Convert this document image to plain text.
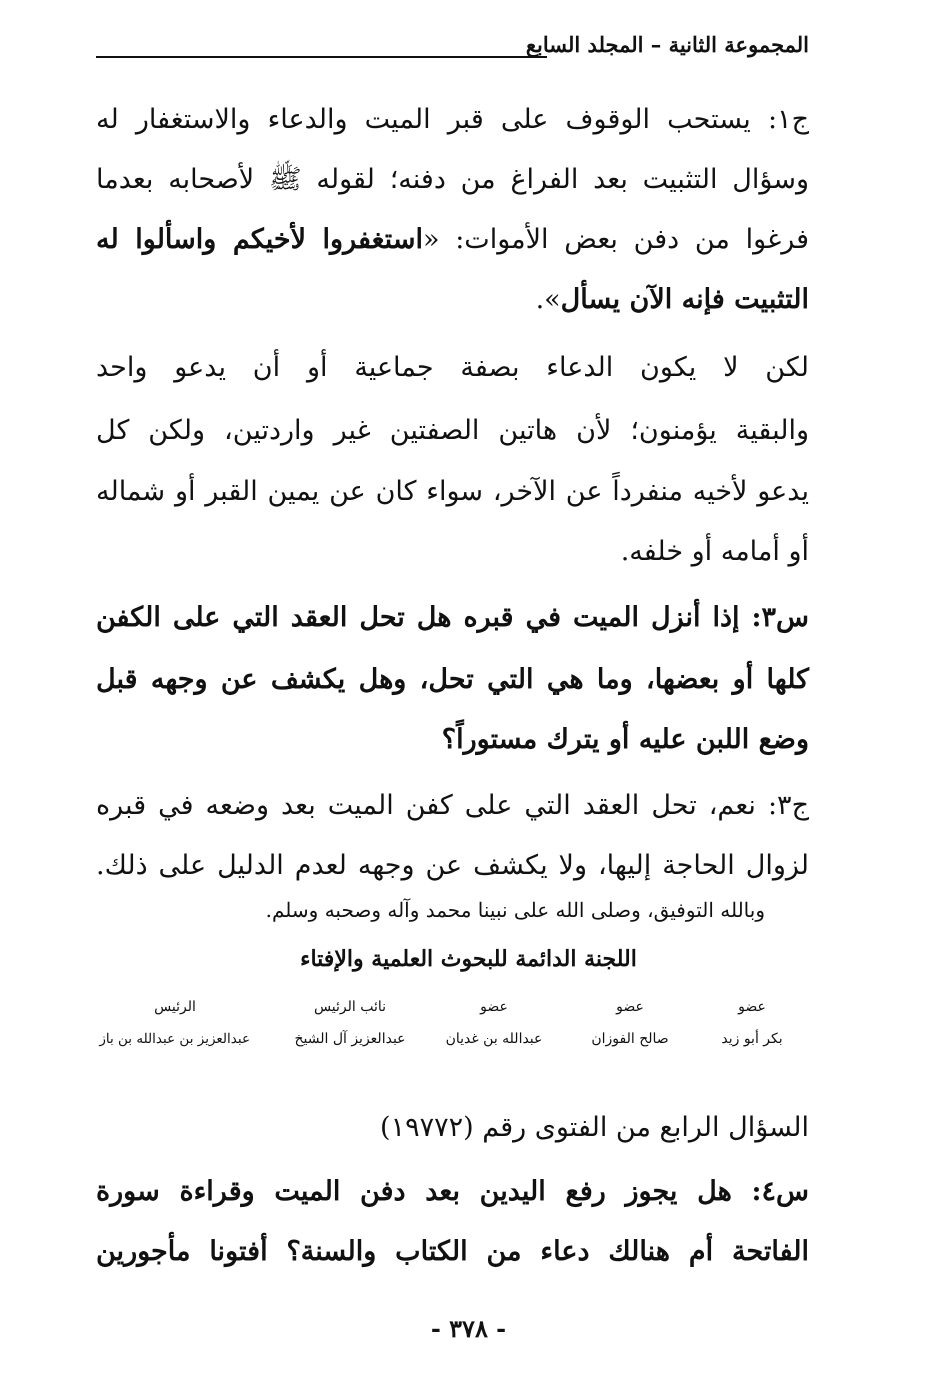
المجموعة الثانية – المجلد السابع
ج١: يستحب الوقوف على قبر الميت والدعاء والاستغفار له
وسؤال التثبيت بعد الفراغ من دفنه؛ لقوله ﷺ لأصحابه بعدما
فرغوا من دفن بعض الأموات: «استغفروا لأخيكم واسألوا له
التثبيت فإنه الآن يسأل».
لكن لا يكون الدعاء بصفة جماعية أو أن يدعو واحد
والبقية يؤمنون؛ لأن هاتين الصفتين غير واردتين، ولكن كل
يدعو لأخيه منفرداً عن الآخر، سواء كان عن يمين القبر أو شماله
أو أمامه أو خلفه.
س٣: إذا أنزل الميت في قبره هل تحل العقد التي على الكفن
كلها أو بعضها، وما هي التي تحل، وهل يكشف عن وجهه قبل
وضع اللبن عليه أو يترك مستوراً؟
ج٣: نعم، تحل العقد التي على كفن الميت بعد وضعه في قبره
لزوال الحاجة إليها، ولا يكشف عن وجهه لعدم الدليل على ذلك.
وبالله التوفيق، وصلى الله على نبينا محمد وآله وصحبه وسلم.
اللجنة الدائمة للبحوث العلمية والإفتاء
عضو
بكر أبو زيد
عضو
صالح الفوزان
عضو
عبدالله بن غديان
نائب الرئيس
عبدالعزيز آل الشيخ
الرئيس
عبدالعزيز بن عبدالله بن باز
السؤال الرابع من الفتوى رقم (١٩٧٧٢)
س٤: هل يجوز رفع اليدين بعد دفن الميت وقراءة سورة
الفاتحة أم هنالك دعاء من الكتاب والسنة؟ أفتونا مأجورين
- ٣٧٨ -
